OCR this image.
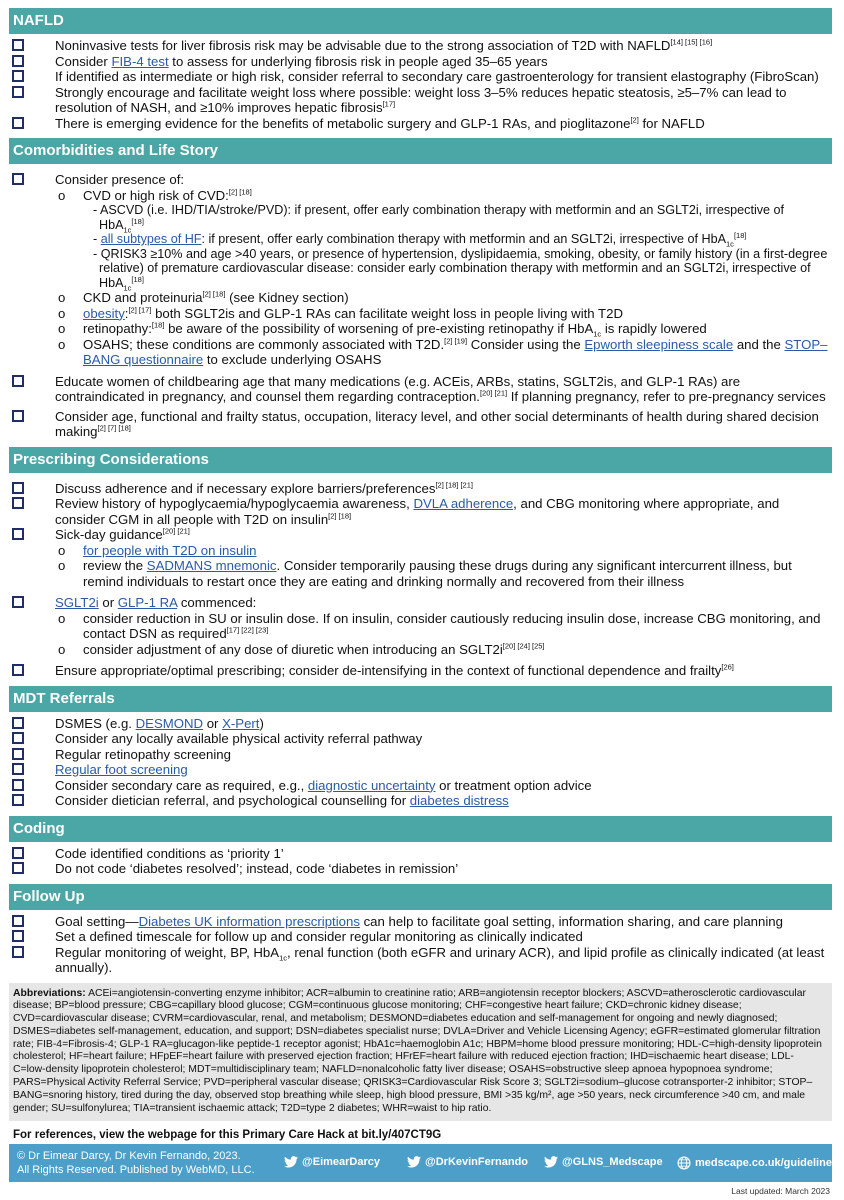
NAFLD
Noninvasive tests for liver fibrosis risk may be advisable due to the strong association of T2D with NAFLD[14] [15] [16]
Consider FIB-4 test to assess for underlying fibrosis risk in people aged 35–65 years
If identified as intermediate or high risk, consider referral to secondary care gastroenterology for transient elastography (FibroScan)
Strongly encourage and facilitate weight loss where possible: weight loss 3–5% reduces hepatic steatosis, ≥5–7% can lead to resolution of NASH, and ≥10% improves hepatic fibrosis[17]
There is emerging evidence for the benefits of metabolic surgery and GLP-1 RAs, and pioglitazone[2] for NAFLD
Comorbidities and Life Story
Consider presence of:
o CVD or high risk of CVD:[2] [18]
- ASCVD (i.e. IHD/TIA/stroke/PVD): if present, offer early combination therapy with metformin and an SGLT2i, irrespective of HbA$_{1c}$[18]
- all subtypes of HF: if present, offer early combination therapy with metformin and an SGLT2i, irrespective of HbA$_{1c}$[18]
- QRISK3 ≥10% and age >40 years, or presence of hypertension, dyslipidaemia, smoking, obesity, or family history (in a first-degree relative) of premature cardiovascular disease: consider early combination therapy with metformin and an SGLT2i, irrespective of HbA$_{1c}$[18]
o CKD and proteinuria[2] [18] (see Kidney section)
o obesity:[2] [17] both SGLT2is and GLP-1 RAs can facilitate weight loss in people living with T2D
o retinopathy:[18] be aware of the possibility of worsening of pre-existing retinopathy if HbA$_{1c}$ is rapidly lowered
o OSAHS; these conditions are commonly associated with T2D.[2] [19] Consider using the Epworth sleepiness scale and the STOP–BANG questionnaire to exclude underlying OSAHS
Educate women of childbearing age that many medications (e.g. ACEis, ARBs, statins, SGLT2is, and GLP-1 RAs) are contraindicated in pregnancy, and counsel them regarding contraception.[20] [21] If planning pregnancy, refer to pre-pregnancy services
Consider age, functional and frailty status, occupation, literacy level, and other social determinants of health during shared decision making[2] [7] [18]
Prescribing Considerations
Discuss adherence and if necessary explore barriers/preferences[2] [18] [21]
Review history of hypoglycaemia/hypoglycaemia awareness, DVLA adherence, and CBG monitoring where appropriate, and consider CGM in all people with T2D on insulin[2] [18]
Sick-day guidance[20] [21]
o for people with T2D on insulin
o review the SADMANS mnemonic. Consider temporarily pausing these drugs during any significant intercurrent illness, but remind individuals to restart once they are eating and drinking normally and recovered from their illness
SGLT2i or GLP-1 RA commenced:
o consider reduction in SU or insulin dose. If on insulin, consider cautiously reducing insulin dose, increase CBG monitoring, and contact DSN as required[17] [22] [23]
o consider adjustment of any dose of diuretic when introducing an SGLT2i[20] [24] [25]
Ensure appropriate/optimal prescribing; consider de-intensifying in the context of functional dependence and frailty[26]
MDT Referrals
DSMES (e.g. DESMOND or X-Pert)
Consider any locally available physical activity referral pathway
Regular retinopathy screening
Regular foot screening
Consider secondary care as required, e.g., diagnostic uncertainty or treatment option advice
Consider dietician referral, and psychological counselling for diabetes distress
Coding
Code identified conditions as ‘priority 1’
Do not code ‘diabetes resolved’; instead, code ‘diabetes in remission’
Follow Up
Goal setting—Diabetes UK information prescriptions can help to facilitate goal setting, information sharing, and care planning
Set a defined timescale for follow up and consider regular monitoring as clinically indicated
Regular monitoring of weight, BP, HbA$_{1c}$, renal function (both eGFR and urinary ACR), and lipid profile as clinically indicated (at least annually).
Abbreviations: ACEi=angiotensin-converting enzyme inhibitor; ACR=albumin to creatinine ratio; ARB=angiotensin receptor blockers; ASCVD=atherosclerotic cardiovascular disease; BP=blood pressure; CBG=capillary blood glucose; CGM=continuous glucose monitoring; CHF=congestive heart failure; CKD=chronic kidney disease; CVD=cardiovascular disease; CVRM=cardiovascular, renal, and metabolism; DESMOND=diabetes education and self-management for ongoing and newly diagnosed; DSMES=diabetes self-management, education, and support; DSN=diabetes specialist nurse; DVLA=Driver and Vehicle Licensing Agency; eGFR=estimated glomerular filtration rate; FIB-4=Fibrosis-4; GLP-1 RA=glucagon-like peptide-1 receptor agonist; HbA1c=haemoglobin A1c; HBPM=home blood pressure monitoring; HDL-C=high-density lipoprotein cholesterol; HF=heart failure; HFpEF=heart failure with preserved ejection fraction; HFrEF=heart failure with reduced ejection fraction; IHD=ischaemic heart disease; LDL-C=low-density lipoprotein cholesterol; MDT=multidisciplinary team; NAFLD=nonalcoholic fatty liver disease; OSAHS=obstructive sleep apnoea hypopnoea syndrome; PARS=Physical Activity Referral Service; PVD=peripheral vascular disease; QRISK3=Cardiovascular Risk Score 3; SGLT2i=sodium–glucose cotransporter-2 inhibitor; STOP–BANG=snoring history, tired during the day, observed stop breathing while sleep, high blood pressure, BMI >35 kg/m², age >50 years, neck circumference >40 cm, and male gender; SU=sulfonylurea; TIA=transient ischaemic attack; T2D=type 2 diabetes; WHR=waist to hip ratio.
For references, view the webpage for this Primary Care Hack at bit.ly/407CT9G
© Dr Eimear Darcy, Dr Kevin Fernando, 2023.
All Rights Reserved. Published by WebMD, LLC.
@EimearDarcy	@DrKevinFernando	@GLNS_Medscape	medscape.co.uk/guidelines
Last updated: March 2023
